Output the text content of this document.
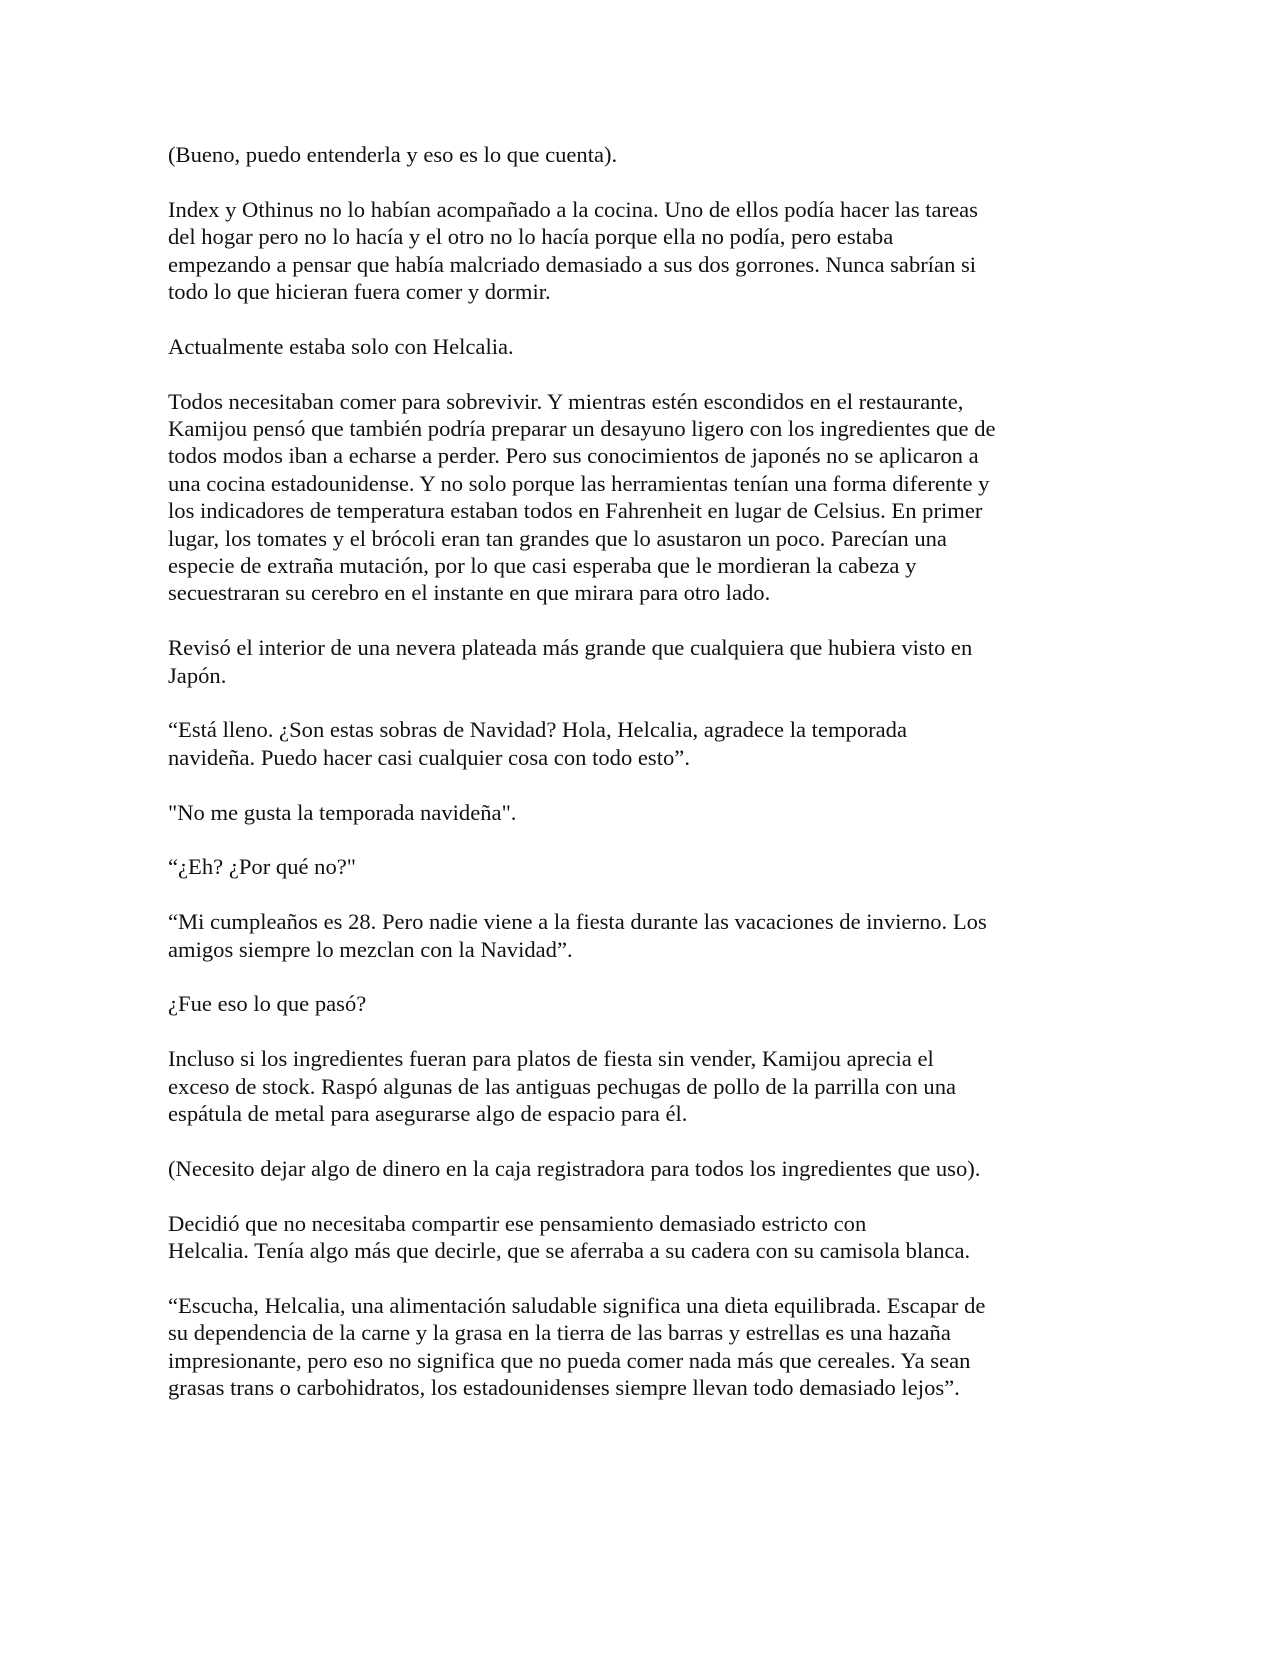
(Bueno, puedo entenderla y eso es lo que cuenta).

Index y Othinus no lo habían acompañado a la cocina. Uno de ellos podía hacer las tareas
del hogar pero no lo hacía y el otro no lo hacía porque ella no podía, pero estaba
empezando a pensar que había malcriado demasiado a sus dos gorrones. Nunca sabrían si
todo lo que hicieran fuera comer y dormir.

Actualmente estaba solo con Helcalia.

Todos necesitaban comer para sobrevivir. Y mientras estén escondidos en el restaurante,
Kamijou pensó que también podría preparar un desayuno ligero con los ingredientes que de
todos modos iban a echarse a perder. Pero sus conocimientos de japonés no se aplicaron a
una cocina estadounidense. Y no solo porque las herramientas tenían una forma diferente y
los indicadores de temperatura estaban todos en Fahrenheit en lugar de Celsius. En primer
lugar, los tomates y el brócoli eran tan grandes que lo asustaron un poco. Parecían una
especie de extraña mutación, por lo que casi esperaba que le mordieran la cabeza y
secuestraran su cerebro en el instante en que mirara para otro lado.

Revisó el interior de una nevera plateada más grande que cualquiera que hubiera visto en
Japón.

“Está lleno. ¿Son estas sobras de Navidad? Hola, Helcalia, agradece la temporada
navideña. Puedo hacer casi cualquier cosa con todo esto”.

"No me gusta la temporada navideña".

“¿Eh? ¿Por qué no?"

“Mi cumpleaños es 28. Pero nadie viene a la fiesta durante las vacaciones de invierno. Los
amigos siempre lo mezclan con la Navidad”.

¿Fue eso lo que pasó?

Incluso si los ingredientes fueran para platos de fiesta sin vender, Kamijou aprecia el
exceso de stock. Raspó algunas de las antiguas pechugas de pollo de la parrilla con una
espátula de metal para asegurarse algo de espacio para él.

(Necesito dejar algo de dinero en la caja registradora para todos los ingredientes que uso).

Decidió que no necesitaba compartir ese pensamiento demasiado estricto con
Helcalia. Tenía algo más que decirle, que se aferraba a su cadera con su camisola blanca.

“Escucha, Helcalia, una alimentación saludable significa una dieta equilibrada. Escapar de
su dependencia de la carne y la grasa en la tierra de las barras y estrellas es una hazaña
impresionante, pero eso no significa que no pueda comer nada más que cereales. Ya sean
grasas trans o carbohidratos, los estadounidenses siempre llevan todo demasiado lejos”.
